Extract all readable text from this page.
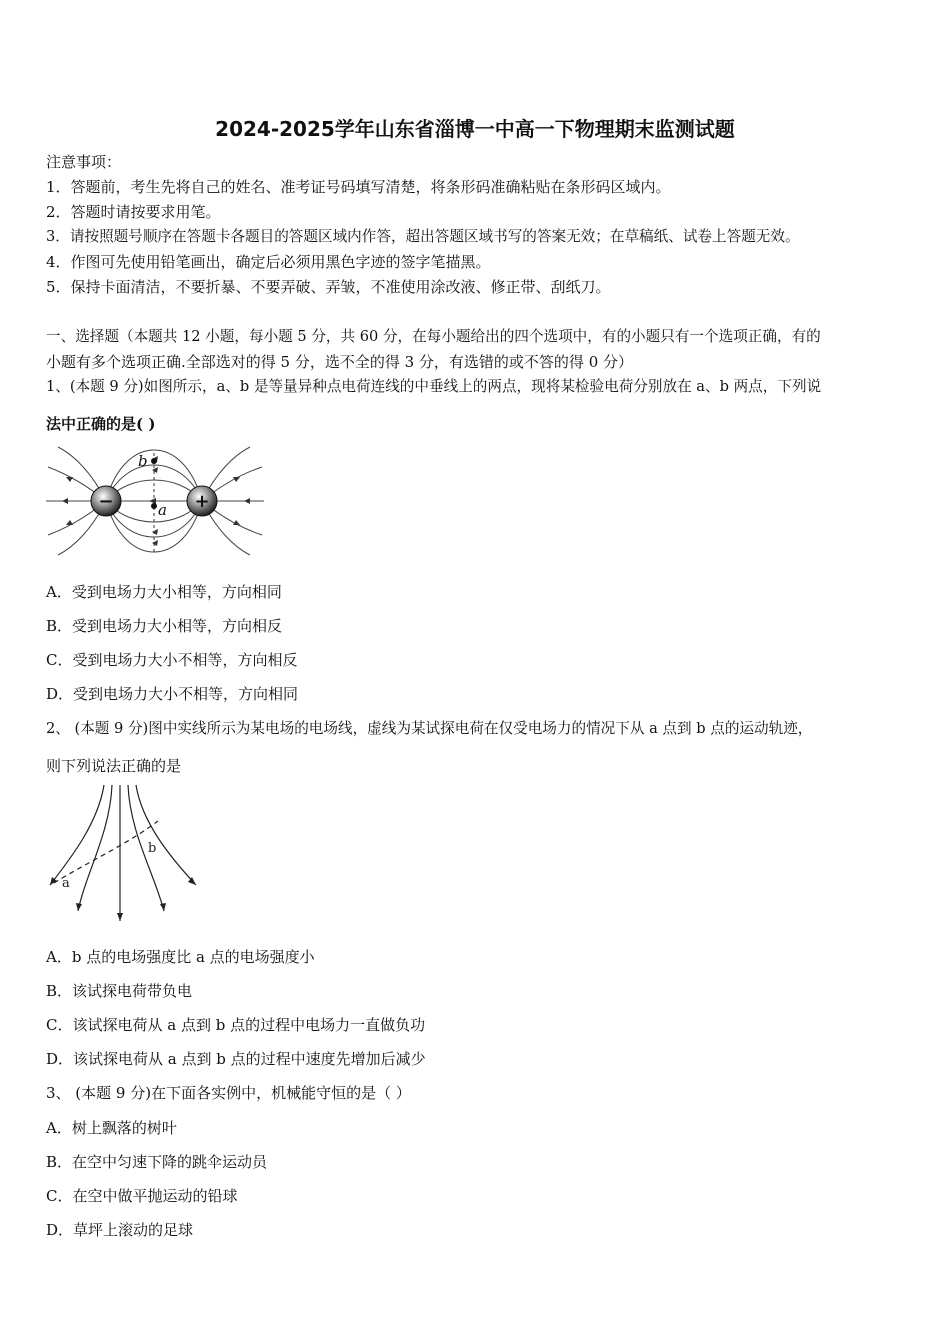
2024-2025学年山东省淄博一中高一下物理期末监测试题
注意事项：
1．答题前，考生先将自己的姓名、准考证号码填写清楚，将条形码准确粘贴在条形码区域内。
2．答题时请按要求用笔。
3．请按照题号顺序在答题卡各题目的答题区域内作答，超出答题区域书写的答案无效；在草稿纸、试卷上答题无效。
4．作图可先使用铅笔画出，确定后必须用黑色字迹的签字笔描黑。
5．保持卡面清洁，不要折暴、不要弄破、弄皱，不准使用涂改液、修正带、刮纸刀。
一、选择题（本题共 12 小题，每小题 5 分，共 60 分，在每小题给出的四个选项中，有的小题只有一个选项正确，有的
小题有多个选项正确.全部选对的得 5 分，选不全的得 3 分，有选错的或不答的得 0 分）
1、(本题 9 分)如图所示，a、b 是等量异种点电荷连线的中垂线上的两点，现将某检验电荷分别放在 a、b 两点，下列说
法中正确的是( )
−	+
b
a
A．受到电场力大小相等，方向相同
B．受到电场力大小相等，方向相反
C．受到电场力大小不相等，方向相反
D．受到电场力大小不相等，方向相同
2、 (本题 9 分)图中实线所示为某电场的电场线，虚线为某试探电荷在仅受电场力的情况下从 a 点到 b 点的运动轨迹，
则下列说法正确的是
a
b
A．b 点的电场强度比 a 点的电场强度小
B．该试探电荷带负电
C．该试探电荷从 a 点到 b 点的过程中电场力一直做负功
D．该试探电荷从 a 点到 b 点的过程中速度先增加后减少
3、 (本题 9 分)在下面各实例中，机械能守恒的是（ ）
A．树上飘落的树叶
B．在空中匀速下降的跳伞运动员
C．在空中做平抛运动的铅球
D．草坪上滚动的足球
